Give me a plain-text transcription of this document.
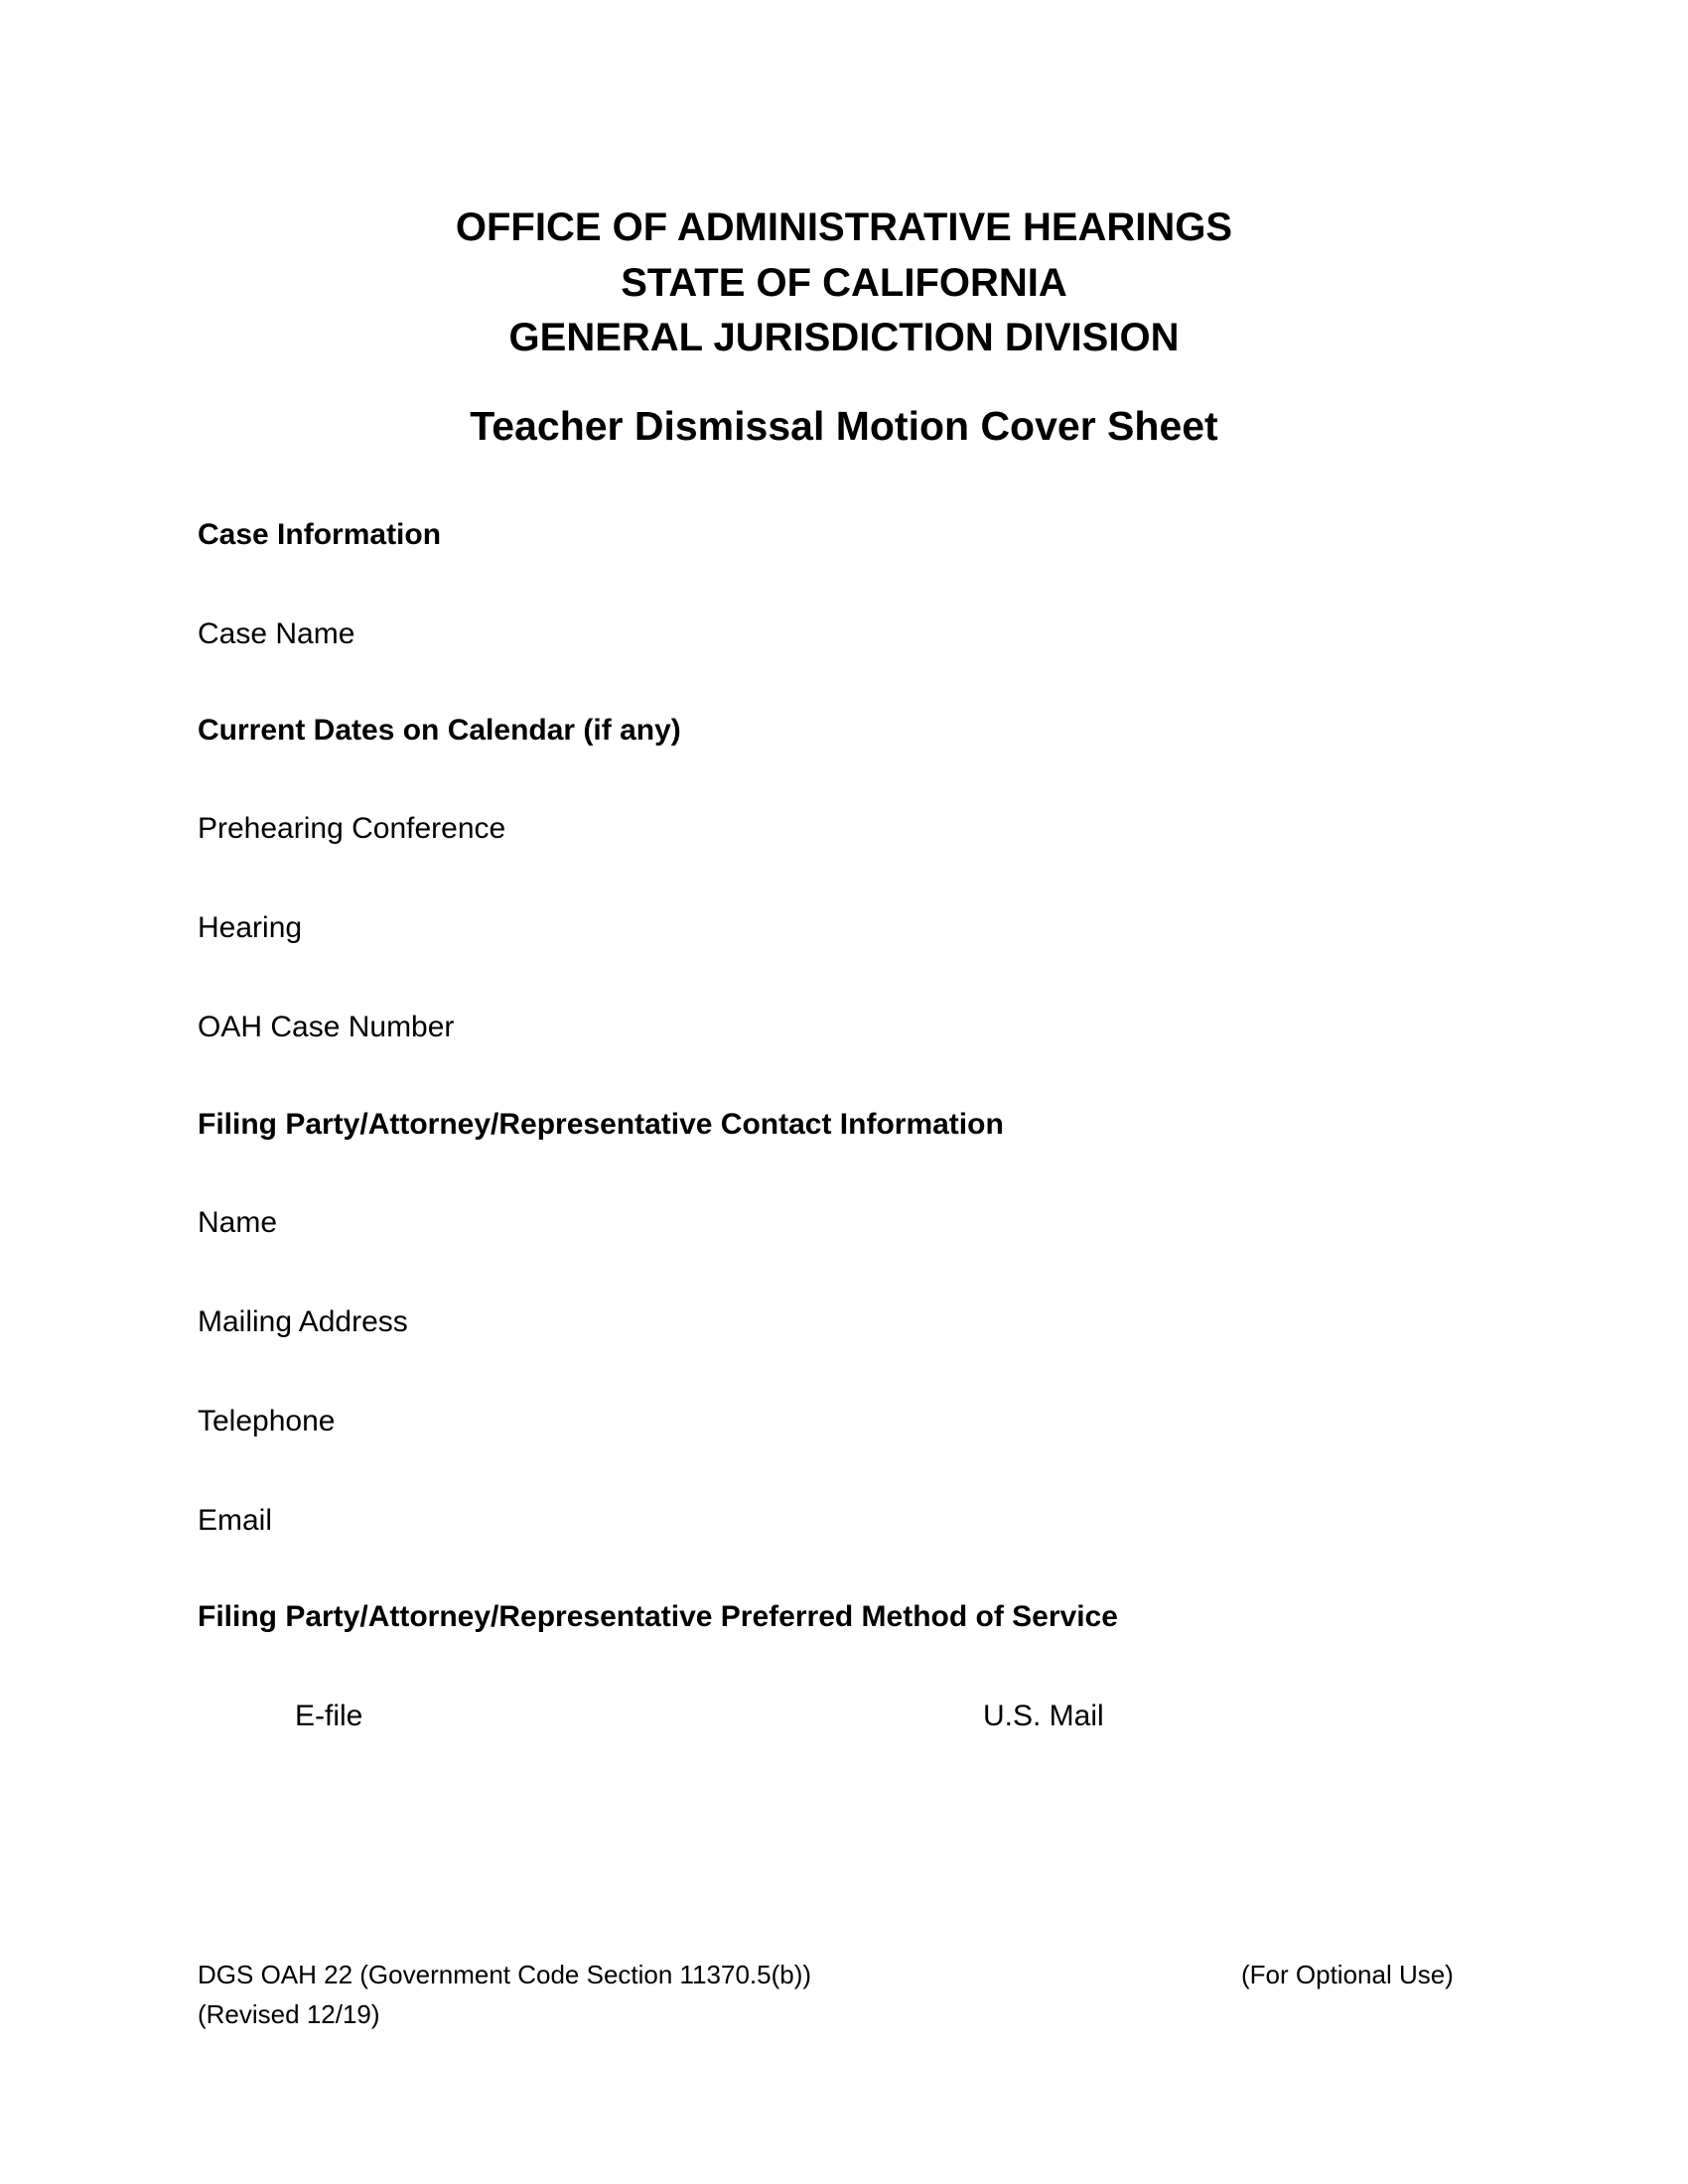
OFFICE OF ADMINISTRATIVE HEARINGS
STATE OF CALIFORNIA
GENERAL JURISDICTION DIVISION
Teacher Dismissal Motion Cover Sheet
Case Information
Case Name
Current Dates on Calendar (if any)
Prehearing Conference
Hearing
OAH Case Number
Filing Party/Attorney/Representative Contact Information
Name
Mailing Address
Telephone
Email
Filing Party/Attorney/Representative Preferred Method of Service
E-file	U.S. Mail
DGS OAH 22 (Government Code Section 11370.5(b))
(Revised 12/19)
(For Optional Use)
